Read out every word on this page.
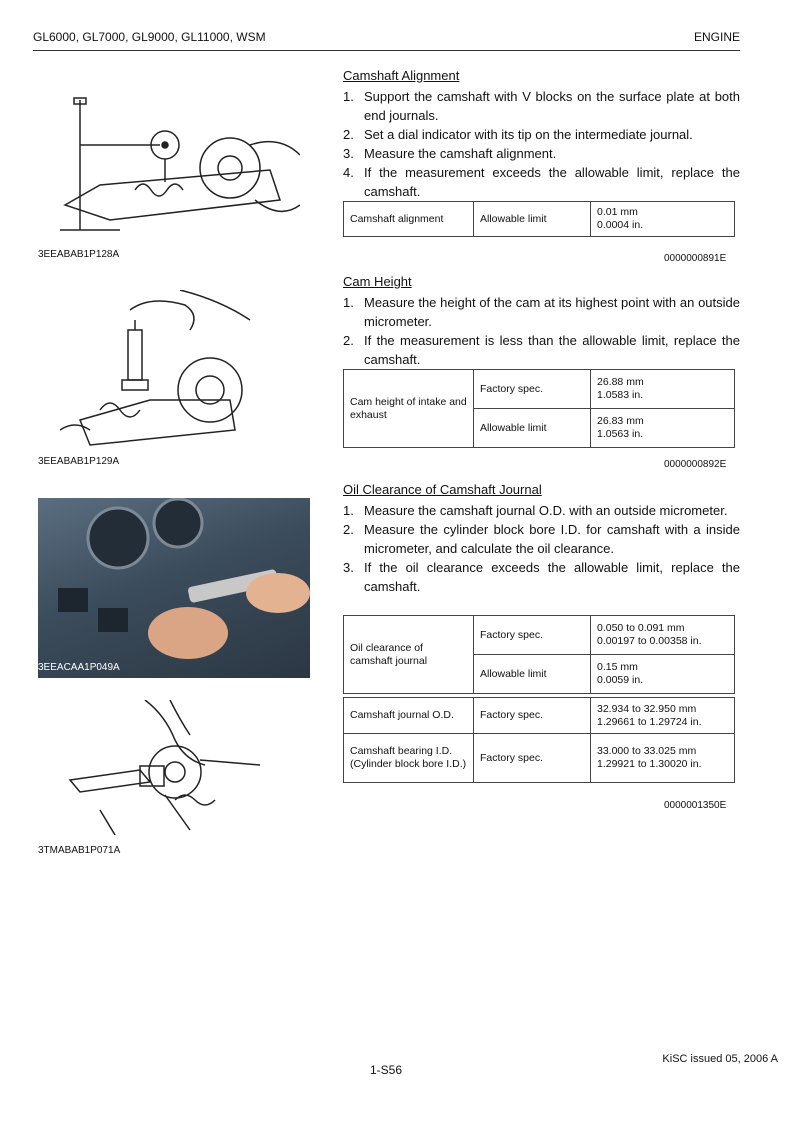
GL6000, GL7000, GL9000, GL11000, WSM	ENGINE
3EEABAB1P128A
Camshaft Alignment
1. Support the camshaft with V blocks on the surface plate at both end journals.
2. Set a dial indicator with its tip on the intermediate journal.
3. Measure the camshaft alignment.
4. If the measurement exceeds the allowable limit, replace the camshaft.
Camshaft alignment	Allowable limit	
0.01 mm
0.0004 in.
0000000891E
3EEABAB1P129A
Cam Height
1. Measure the height of the cam at its highest point with an outside micrometer.
2. If the measurement is less than the allowable limit, replace the camshaft.
Cam height of intake and exhaust	Factory spec.	26.88 mm
1.0583 in.

	Allowable limit	26.83 mm
1.0563 in.
0000000892E
3EEACAA1P049A
3TMABAB1P071A
Oil Clearance of Camshaft Journal
1. Measure the camshaft journal O.D. with an outside micrometer.
2. Measure the cylinder block bore I.D. for camshaft with a inside micrometer, and calculate the oil clearance.
3. If the oil clearance exceeds the allowable limit, replace the camshaft.
Oil clearance of camshaft journal	Factory spec.	0.050 to 0.091 mm
0.00197 to 0.00358 in.

	Allowable limit	0.15 mm
0.0059 in.
Camshaft journal O.D.	Factory spec.	32.934 to 32.950 mm
1.29661 to 1.29724 in.

Camshaft bearing I.D. (Cylinder block bore I.D.)	Factory spec.	33.000 to 33.025 mm
1.29921 to 1.30020 in.
0000001350E
1-S56
KiSC issued 05, 2006 A
